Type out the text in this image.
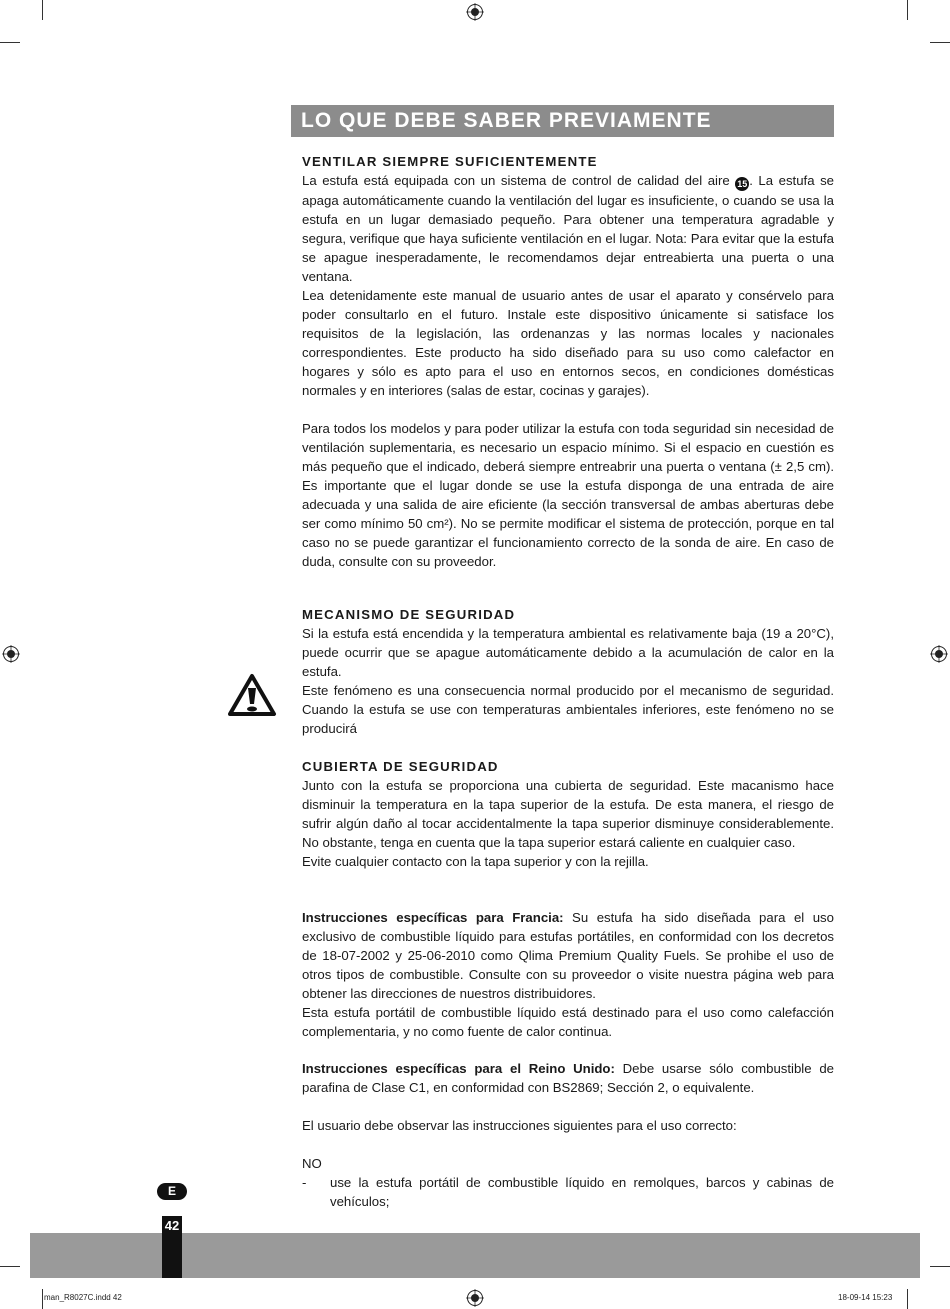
LO QUE DEBE SABER PREVIAMENTE

VENTILAR SIEMPRE SUFICIENTEMENTE

La estufa está equipada con un sistema de control de calidad del aire 15 . La estufa se apaga automáticamente cuando la ventilación del lugar es insuficiente, o cuando se usa la estufa en un lugar demasiado pequeño. Para obtener una temperatura agradable y segura, verifique que haya suficiente ventilación en el lugar. Nota: Para evitar que la estufa se apague inesperadamente, le recomendamos dejar entreabierta una puerta o una ventana.

Lea detenidamente este manual de usuario antes de usar el aparato y consérvelo para poder consultarlo en el futuro. Instale este dispositivo únicamente si satisface los requisitos de la legislación, las ordenanzas y las normas locales y nacionales correspondientes. Este producto ha sido diseñado para su uso como calefactor en hogares y sólo es apto para el uso en entornos secos, en condiciones domésticas normales y en interiores (salas de estar, cocinas y garajes).

Para todos los modelos y para poder utilizar la estufa con toda seguridad sin necesidad de ventilación suplementaria, es necesario un espacio mínimo. Si el espacio en cuestión es más pequeño que el indicado, deberá siempre entreabrir una puerta o ventana (± 2,5 cm). Es importante que el lugar donde se use la estufa disponga de una entrada de aire adecuada y una salida de aire eficiente (la sección transversal de ambas aberturas debe ser como mínimo 50 cm²). No se permite modificar el sistema de protección, porque en tal caso no se puede garantizar el funcionamiento correcto de la sonda de aire. En caso de duda, consulte con su proveedor.

MECANISMO DE SEGURIDAD

Si la estufa está encendida y la temperatura ambiental es relativamente baja (19 a 20°C), puede ocurrir que se apague automáticamente debido a la acumulación de calor en la estufa.

Este fenómeno es una consecuencia normal producido por el mecanismo de seguridad. Cuando la estufa se use con temperaturas ambientales inferiores, este fenómeno no se producirá

CUBIERTA DE SEGURIDAD

Junto con la estufa se proporciona una cubierta de seguridad. Este macanismo hace disminuir la temperatura en la tapa superior de la estufa. De esta manera, el riesgo de sufrir algún daño al tocar accidentalmente la tapa superior disminuye considerablemente. No obstante, tenga en cuenta que la tapa superior estará caliente en cualquier caso.

Evite cualquier contacto con la tapa superior y con la rejilla.

Instrucciones específicas para Francia: Su estufa ha sido diseñada para el uso exclusivo de combustible líquido para estufas portátiles, en conformidad con los decretos de 18-07-2002 y 25-06-2010 como Qlima Premium Quality Fuels. Se prohibe el uso de otros tipos de combustible. Consulte con su proveedor o visite nuestra página web para obtener las direcciones de nuestros distribuidores.

Esta estufa portátil de combustible líquido está destinado para el uso como calefacción complementaria, y no como fuente de calor continua.

Instrucciones específicas para el Reino Unido: Debe usarse sólo combustible de parafina de Clase C1, en conformidad con BS2869; Sección 2, o equivalente.

El usuario debe observar las instrucciones siguientes para el uso correcto:

NO

- use la estufa portátil de combustible líquido en remolques, barcos y cabinas de vehículos;
E
42
man_R8027C.indd 42	18-09-14 15:23
